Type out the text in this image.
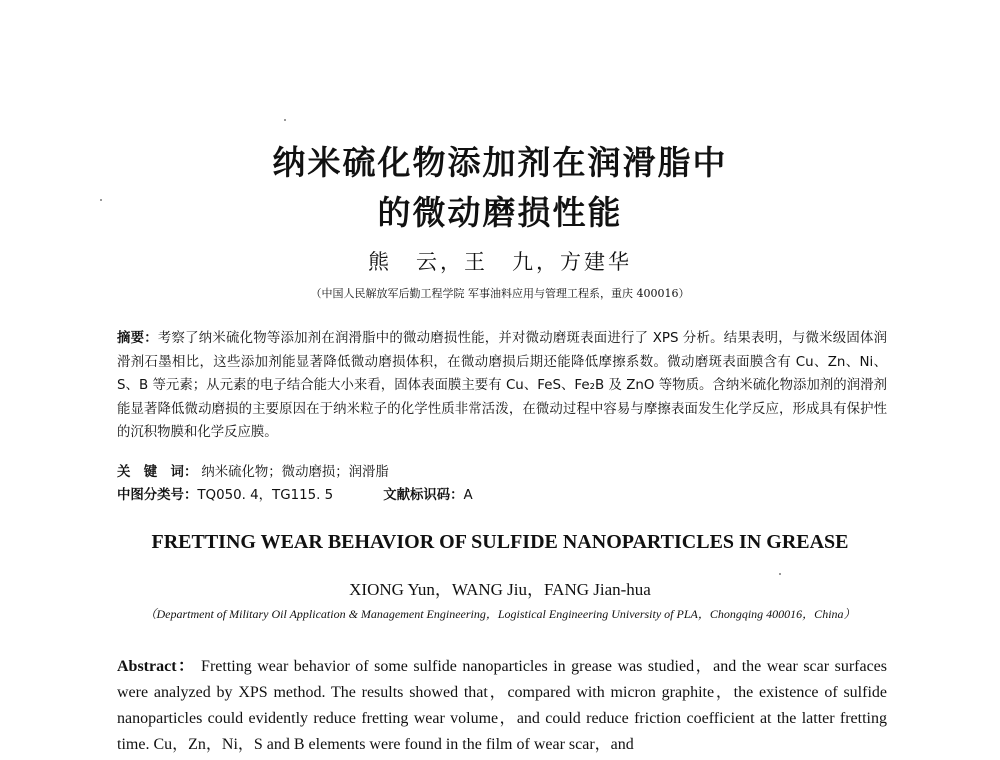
纳米硫化物添加剂在润滑脂中
的微动磨损性能
熊　云，王　九，方建华
（中国人民解放军后勤工程学院 军事油料应用与管理工程系，重庆 400016）
摘要：考察了纳米硫化物等添加剂在润滑脂中的微动磨损性能，并对微动磨斑表面进行了 XPS 分析。结果表明，与微米级固体润滑剂石墨相比，这些添加剂能显著降低微动磨损体积，在微动磨损后期还能降低摩擦系数。微动磨斑表面膜含有 Cu、Zn、Ni、S、B 等元素；从元素的电子结合能大小来看，固体表面膜主要有 Cu、FeS、Fe₂B 及 ZnO 等物质。含纳米硫化物添加剂的润滑剂能显著降低微动磨损的主要原因在于纳米粒子的化学性质非常活泼，在微动过程中容易与摩擦表面发生化学反应，形成具有保护性的沉积物膜和化学反应膜。
关　键　词： 纳米硫化物；微动磨损；润滑脂
中图分类号：TQ050. 4，TG115. 5	文献标识码：A
FRETTING WEAR BEHAVIOR OF SULFIDE NANOPARTICLES IN GREASE
XIONG Yun，WANG Jiu，FANG Jian-hua
（Department of Military Oil Application & Management Engineering，Logistical Engineering University of PLA，Chongqing 400016，China）
Abstract： Fretting wear behavior of some sulfide nanoparticles in grease was studied，and the wear scar surfaces were analyzed by XPS method. The results showed that，compared with micron graphite，the existence of sulfide nanoparticles could evidently reduce fretting wear volume，and could reduce friction coefficient at the latter fretting time. Cu，Zn，Ni，S and B elements were found in the film of wear scar，and
